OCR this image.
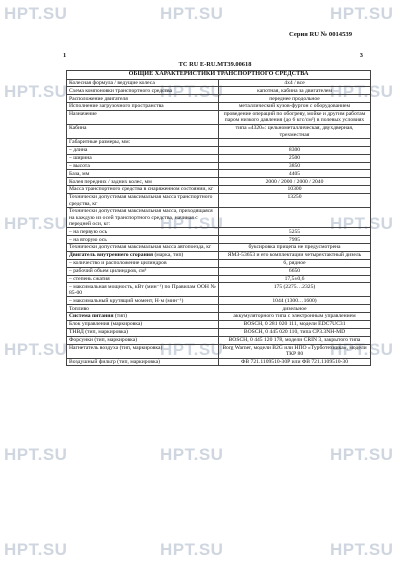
HPT.SU	HPT.SU	HPT.SU
HPT.SU	HPT.SU	HPT.SU
HPT.SU	HPT.SU	HPT.SU
HPT.SU	HPT.SU	HPT.SU
HPT.SU	HPT.SU	HPT.SU
HPT.SU	HPT.SU	HPT.SU
Серия RU № 0014539
1	3
ТС RU E-RU.МТ39.00618
ОБЩИЕ ХАРАКТЕРИСТИКИ ТРАНСПОРТНОГО СРЕДСТВА	
Колесная формула / ведущие колеса	4x4 / все
Схема компоновки транспортного средства	капотная, кабина за двигателем
Расположение двигателя	переднее продольное
Исполнение загрузочного пространства	металлический кузов-фургон с оборудованием
Назначение	проведение операций по обогреву, мойке и другим работам паром низкого давления (до 6 кгс/см²) в полевых условиях
Кабина	типа «4320»: цельнометаллическая, двухдверная, трехместная
Габаритные размеры, мм:	
– длина	8300
– ширина	2500
– высота	3850
База, мм	4405
Колея передних / задних колес, мм	2000 / 2000 / 2000 / 2040
Масса транспортного средства в снаряженном состоянии, кг	10300
Технически допустимая максимальная масса транспортного средства, кг	13250
Технически допустимая максимальная масса, приходящаяся на каждую из осей транспортного средства, начиная с передней оси, кг:	
– на первую ось	5255
– на вторую ось	7995
Технически допустимая максимальная масса автопоезда, кг	буксировка прицепа не предусмотрена
Двигатель внутреннего сгорания (марка, тип)	ЯМЗ-53653 и его комплектации четырехтактный дизель
– количество и расположение цилиндров	6, рядное
– рабочий объем цилиндров, см³	6650
– степень сжатия	17,5±0,6
– максимальная мощность, кВт (мин⁻¹) по Правилам ООН № 85-00	175 (2275…2325)
– максимальный крутящий момент, Н·м (мин⁻¹)	1044 (1300…1600)
Топливо	дизельное
Система питания (тип)	аккумуляторного типа с электронным управлением
Блок управления (маркировка)	BOSCH, 0 281 020 111, модели EDC7UC31
ТНВД (тип, маркировка)	BOSCH, 0 445 020 110, типа CP3.3NH-MD
Форсунки (тип, маркировка)	BOSCH, 0 445 120 178, модели CRIN 3, закрытого типа
Нагнетатель воздуха (тип, маркировка)	Borg Warner, модели B2G или НПО «Турботехника», модели ТКР 80
Воздушный фильтр (тип, маркировка)	ФВ 721.1109510-30Р или ФВ 721.1109510-30
